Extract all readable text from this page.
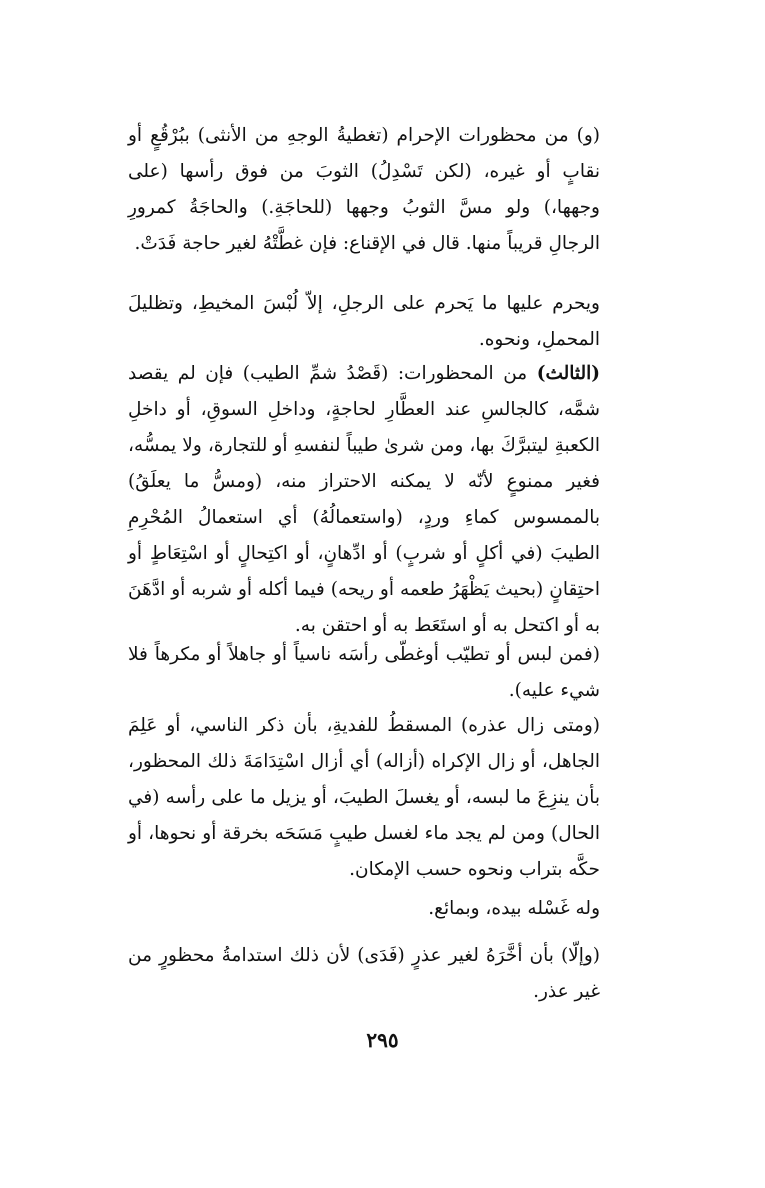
(و) من محظورات الإحرام (تغطيةُ الوجهِ من الأنثى) ببُرْقُعٍ أو نقابٍ أو غيره، (لكن تَسْدِلُ) الثوبَ من فوق رأسها (على وجهها،) ولو مسَّ الثوبُ وجهها (للحاجَةِ.) والحاجَةُ كمرورِ الرجالِ قريباً منها. قال في الإقناع: فإن غطَّتْهُ لغير حاجة فَدَتْ.

ويحرم عليها ما يَحرم على الرجلِ، إلاّ لُبْسَ المخيطِ، وتظليلَ المحملِ، ونحوه.

(الثالث) من المحظورات: (قَصْدُ شمِّ الطيب) فإن لم يقصد شمَّه، كالجالسِ عند العطَّارِ لحاجةٍ، وداخلِ السوقِ، أو داخلِ الكعبةِ ليتبرَّكَ بها، ومن شرىٰ طيباً لنفسهِ أو للتجارة، ولا يمسُّه، فغير ممنوعٍ لأنّه لا يمكنه الاحتراز منه، (ومسُّ ما يعلَقُ) بالممسوس كماءِ وردٍ، (واستعمالُهُ) أي استعمالُ المُحْرِمِ الطيبَ (في أكلٍ أو شربٍ) أو ادِّهانٍ، أو اكتِحالٍ أو اسْتِعَاطٍ أو احتِقانٍ (بحيث يَظْهَرُ طعمه أو ريحه) فيما أكله أو شربه أو ادَّهَنَ به أو اكتحل به أو استَعَط به أو احتقن به.

(فمن لبس أو تطيّب أوغطّى رأسَه ناسياً أو جاهلاً أو مكرهاً فلا شيء عليه).

(ومتى زال عذره) المسقطُ للفديةِ، بأن ذكر الناسي، أو عَلِمَ الجاهل، أو زال الإكراه (أزاله) أي أزال اسْتِدَامَةَ ذلك المحظور، بأن ينزِعَ ما لبسه، أو يغسلَ الطيبَ، أو يزيل ما على رأسه (في الحال) ومن لم يجد ماء لغسل طيبٍ مَسَحَه بخرقة أو نحوها، أو حكَّه بتراب ونحوه حسب الإمكان.

وله غَسْله بيده، وبمائع.

(وإلّا) بأن أخَّرَهُ لغير عذرٍ (فَدَى) لأن ذلك استدامةُ محظورٍ من غير عذر.

٢٩٥
